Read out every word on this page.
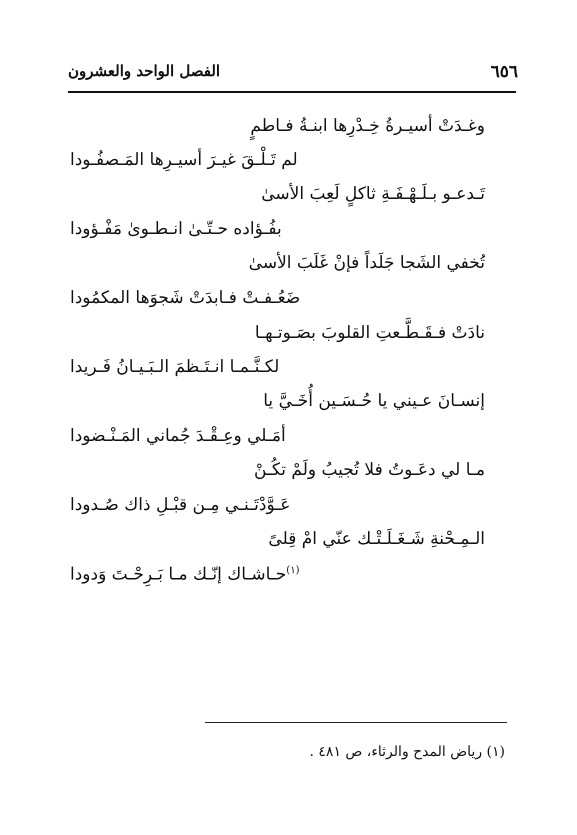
٦٥٦
الفصل الواحد والعشرون
وغـدَتْ أسيـرةُ خِـدْرِها ابنـةُ فـاطمٍ
لم تَـلْـقَ غيـرَ أسيـرِها المَـصفُـودا
تَـدعـو بـلَـهْـفَـةِ ثاكلٍ لَعِبَ الأسىٰ
بفُـؤاده حـتّـىٰ انـطـوىٰ مَفْـؤودا
تُخفي الشَجا جَلَداً فإنْ غَلَبَ الأسىٰ
ضَعُـفـتْ فـابدَتْ شَجوَها المكمُودا
نادَتْ فـقَـطَّـعتِ القلوبَ بصَـوتـهـا
لكـنَّـمـا انـتَـظمَ الـبَـيـانُ فَـريدا
إنسـانَ عـيني يا حُـسَـين أُخَـيَّ يا
أمَـلي وعِـقْـدَ جُماني المَـنْـضودا
مـا لي دعَـوتُ فلا تُجيبُ ولَمْ تكُـنْ
عَـوَّدْتَـنـي مِـن قبْـلِ ذاك صُـدودا
الـمِـحْنةِ شَـغَـلَـتْـك عنّي امْ قِلىً
$^{(١)}$حـاشـاك إنّـك مـا بَـرِحْـتَ وَدودا
(١) رياض المدح والرثاء، ص ٤٨١ .
